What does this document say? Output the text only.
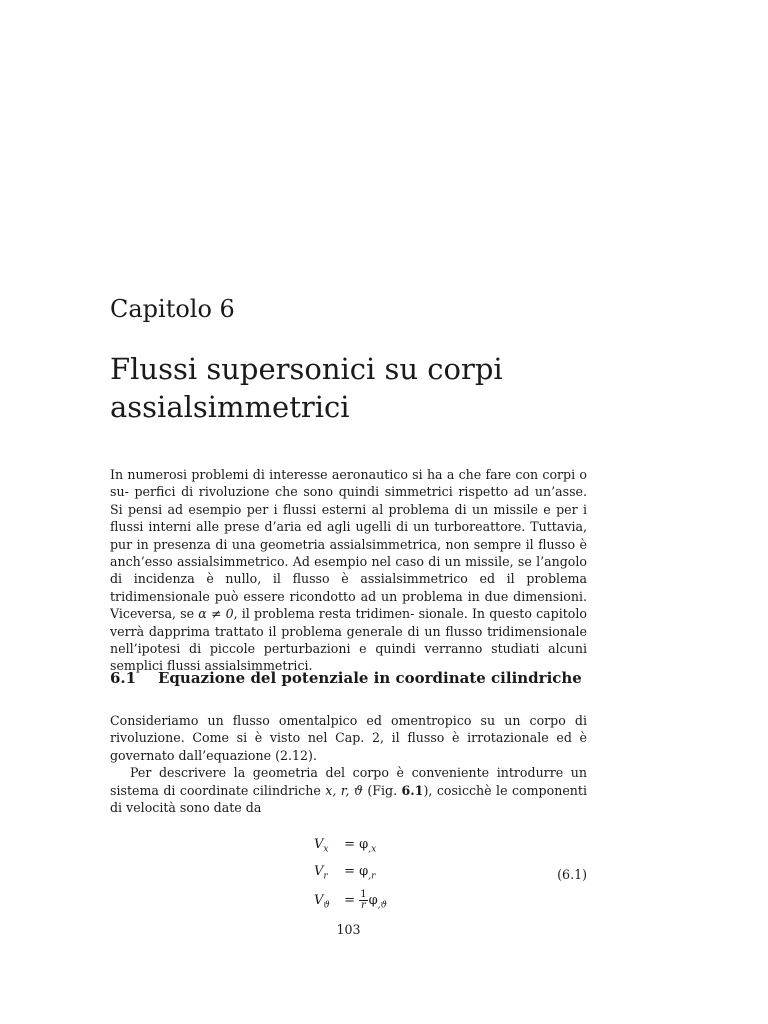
Capitolo 6
Flussi supersonici su corpi assialsimmetrici
In numerosi problemi di interesse aeronautico si ha a che fare con corpi o su- perfici di rivoluzione che sono quindi simmetrici rispetto ad un’asse. Si pensi ad esempio per i flussi esterni al problema di un missile e per i flussi interni alle prese d’aria ed agli ugelli di un turboreattore. Tuttavia, pur in presenza di una geometria assialsimmetrica, non sempre il flusso è anch’esso assialsimmetrico. Ad esempio nel caso di un missile, se l’angolo di incidenza è nullo, il flusso è assialsimmetrico ed il problema tridimensionale può essere ricondotto ad un problema in due dimensioni. Viceversa, se α ≠ 0, il problema resta tridimen- sionale. In questo capitolo verrà dapprima trattato il problema generale di un flusso tridimensionale nell’ipotesi di piccole perturbazioni e quindi verranno studiati alcuni semplici flussi assialsimmetrici.
6.1	Equazione del potenziale in coordinate cilindriche

Consideriamo un flusso omentalpico ed omentropico su un corpo di rivoluzione. Come si è visto nel Cap. 2, il flusso è irrotazionale ed è governato dall’equazione (2.12).

Per descrivere la geometria del corpo è conveniente introdurre un sistema di coordinate cilindriche x, r, ϑ (Fig. 6.1), cosicchè le componenti di velocità sono date da

$V_x = \varphi_{,x}$
$V_r = \varphi_{,r}$
$V_ϑ = \frac{1}{r} \varphi_{,ϑ}$
(6.1)
103
